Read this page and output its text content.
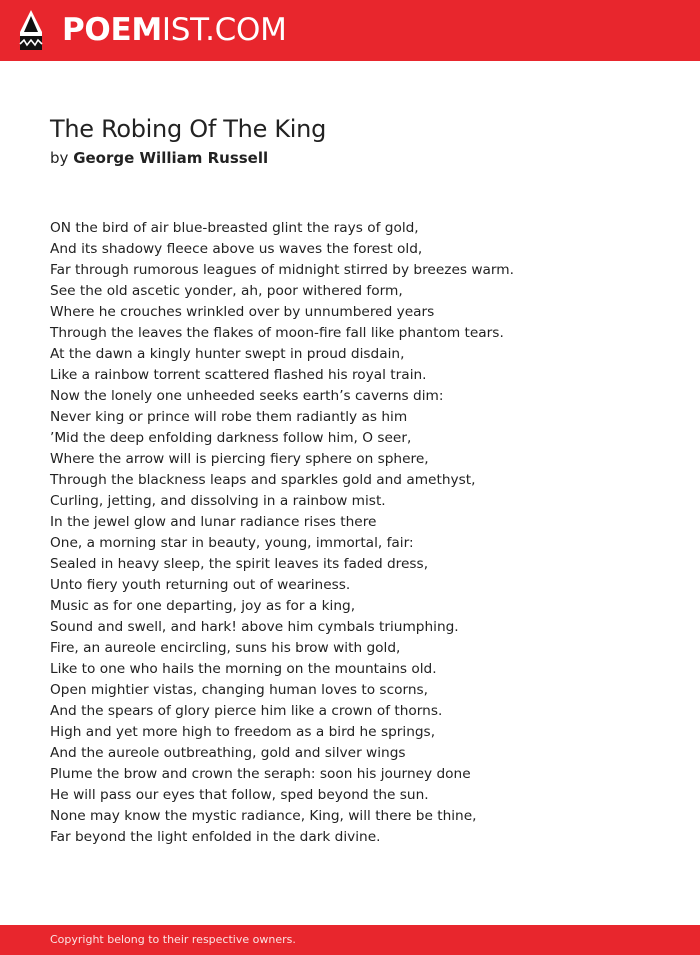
POEMIST.COM
The Robing Of The King
by George William Russell
ON the bird of air blue-breasted glint the rays of gold,
And its shadowy fleece above us waves the forest old,
Far through rumorous leagues of midnight stirred by breezes warm.
See the old ascetic yonder, ah, poor withered form,
Where he crouches wrinkled over by unnumbered years
Through the leaves the flakes of moon-fire fall like phantom tears.
At the dawn a kingly hunter swept in proud disdain,
Like a rainbow torrent scattered flashed his royal train.
Now the lonely one unheeded seeks earth’s caverns dim:
Never king or prince will robe them radiantly as him
’Mid the deep enfolding darkness follow him, O seer,
Where the arrow will is piercing fiery sphere on sphere,
Through the blackness leaps and sparkles gold and amethyst,
Curling, jetting, and dissolving in a rainbow mist.
In the jewel glow and lunar radiance rises there
One, a morning star in beauty, young, immortal, fair:
Sealed in heavy sleep, the spirit leaves its faded dress,
Unto fiery youth returning out of weariness.
Music as for one departing, joy as for a king,
Sound and swell, and hark! above him cymbals triumphing.
Fire, an aureole encircling, suns his brow with gold,
Like to one who hails the morning on the mountains old.
Open mightier vistas, changing human loves to scorns,
And the spears of glory pierce him like a crown of thorns.
High and yet more high to freedom as a bird he springs,
And the aureole outbreathing, gold and silver wings
Plume the brow and crown the seraph: soon his journey done
He will pass our eyes that follow, sped beyond the sun.
None may know the mystic radiance, King, will there be thine,
Far beyond the light enfolded in the dark divine.
Copyright belong to their respective owners.
